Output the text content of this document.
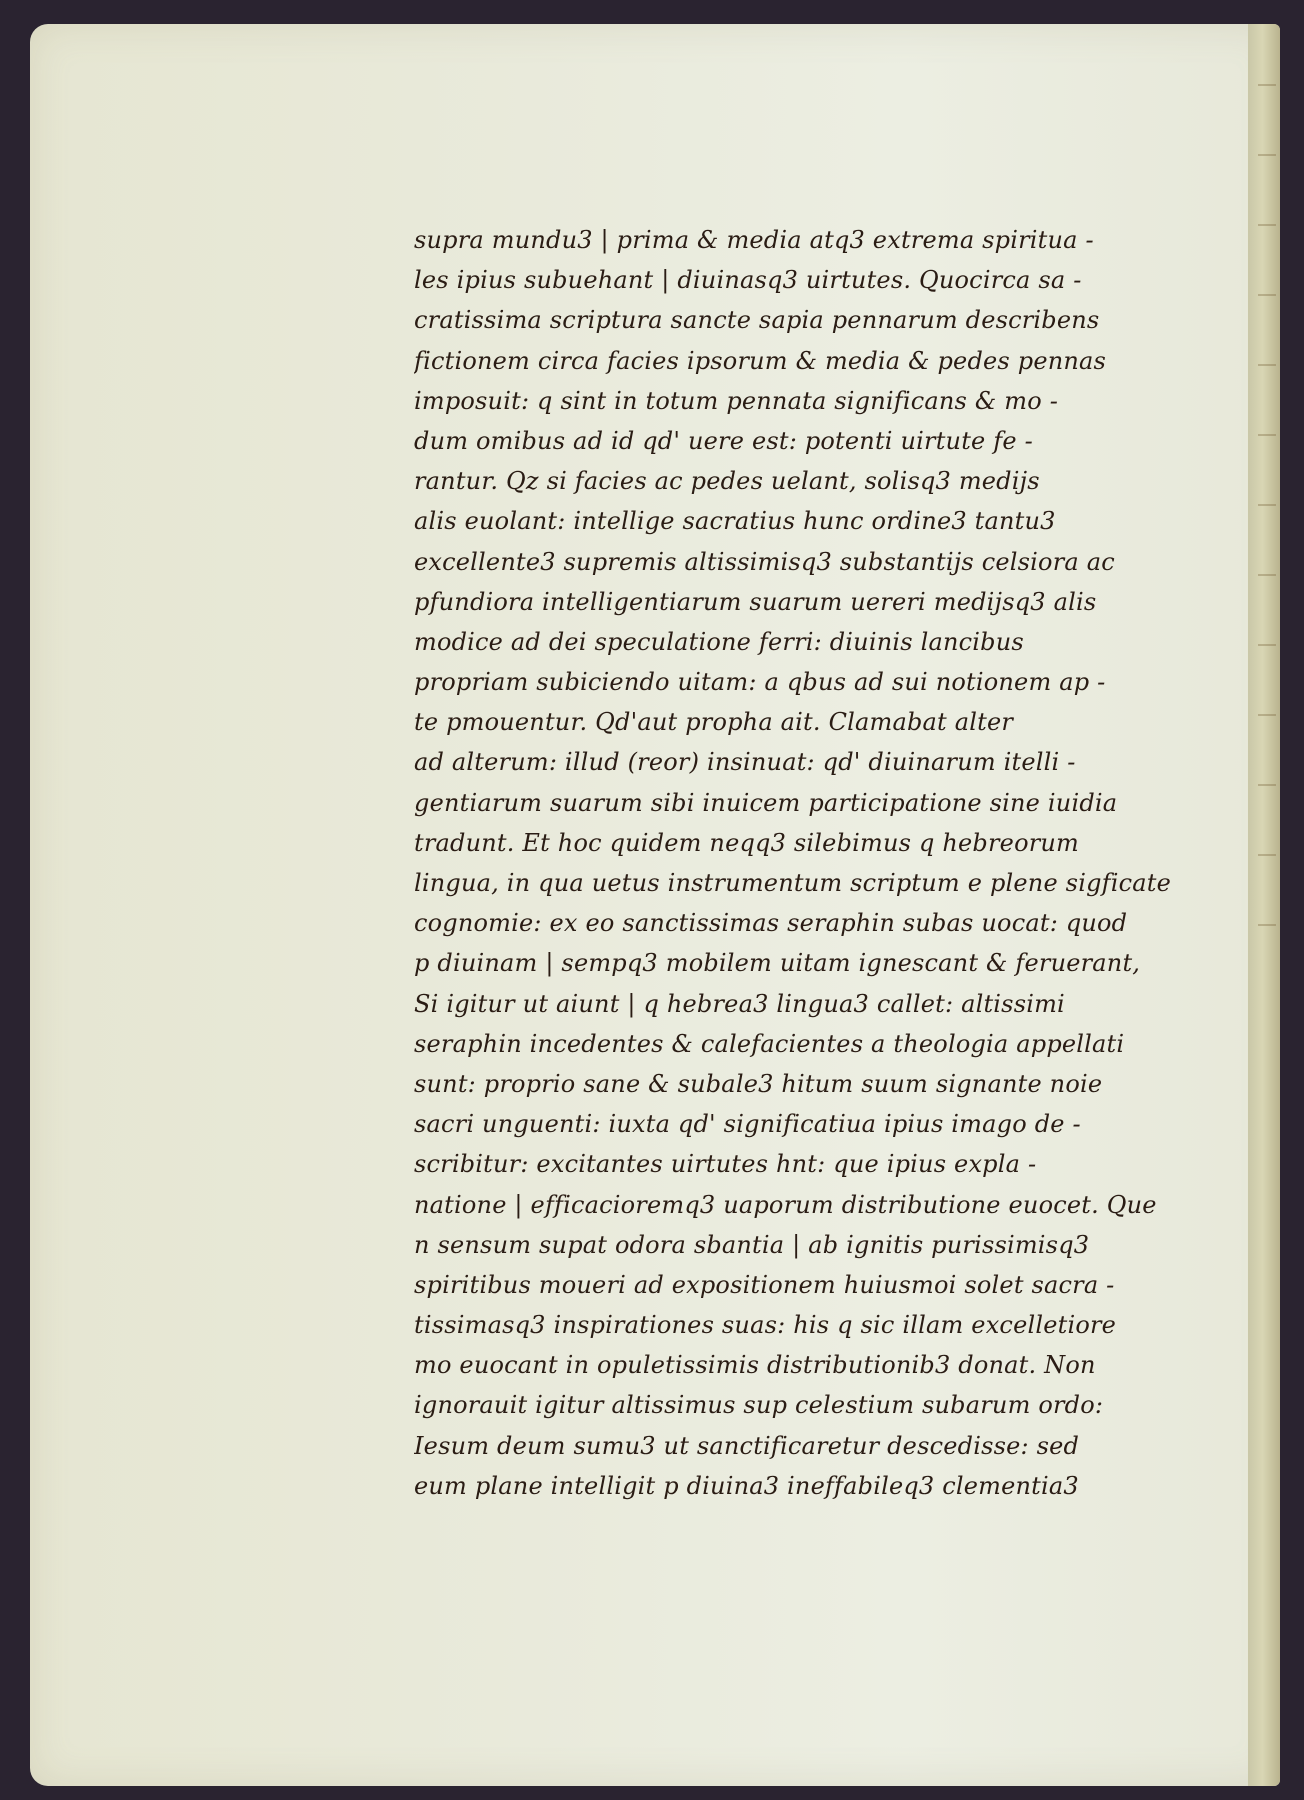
supra mundu3 | prima & media atq3 extrema spiritua -
les ipius subuehant | diuinasq3 uirtutes. Quocirca sa -
cratissima scriptura sancte sapia pennarum describens
fictionem circa facies ipsorum & media & pedes pennas
imposuit: q sint in totum pennata significans & mo -
dum omibus ad id qd' uere est: potenti uirtute fe -
rantur. Qz si facies ac pedes uelant, solisq3 medijs
alis euolant: intellige sacratius hunc ordine3 tantu3
excellente3 supremis altissimisq3 substantijs celsiora ac
pfundiora intelligentiarum suarum uereri medijsq3 alis
modice ad dei speculatione ferri: diuinis lancibus
propriam subiciendo uitam: a qbus ad sui notionem ap -
te pmouentur. Qd'aut propha ait. Clamabat alter
ad alterum: illud (reor) insinuat: qd' diuinarum itelli -
gentiarum suarum sibi inuicem participatione sine iuidia
tradunt. Et hoc quidem neqq3 silebimus q hebreorum
lingua, in qua uetus instrumentum scriptum e plene sigficate
cognomie: ex eo sanctissimas seraphin subas uocat: quod
p diuinam | sempq3 mobilem uitam ignescant & feruerant,
Si igitur ut aiunt | q hebrea3 lingua3 callet: altissimi
seraphin incedentes & calefacientes a theologia appellati
sunt: proprio sane & subale3 hitum suum signante noie
sacri unguenti: iuxta qd' significatiua ipius imago de -
scribitur: excitantes uirtutes hnt: que ipius expla -
natione | efficacioremq3 uaporum distributione euocet. Que
n sensum supat odora sbantia | ab ignitis purissimisq3
spiritibus moueri ad expositionem huiusmoi solet sacra -
tissimasq3 inspirationes suas: his q sic illam excelletiore
mo euocant in opuletissimis distributionib3 donat. Non
ignorauit igitur altissimus sup celestium subarum ordo:
Iesum deum sumu3 ut sanctificaretur descedisse: sed
eum plane intelligit p diuina3 ineffabileq3 clementia3
